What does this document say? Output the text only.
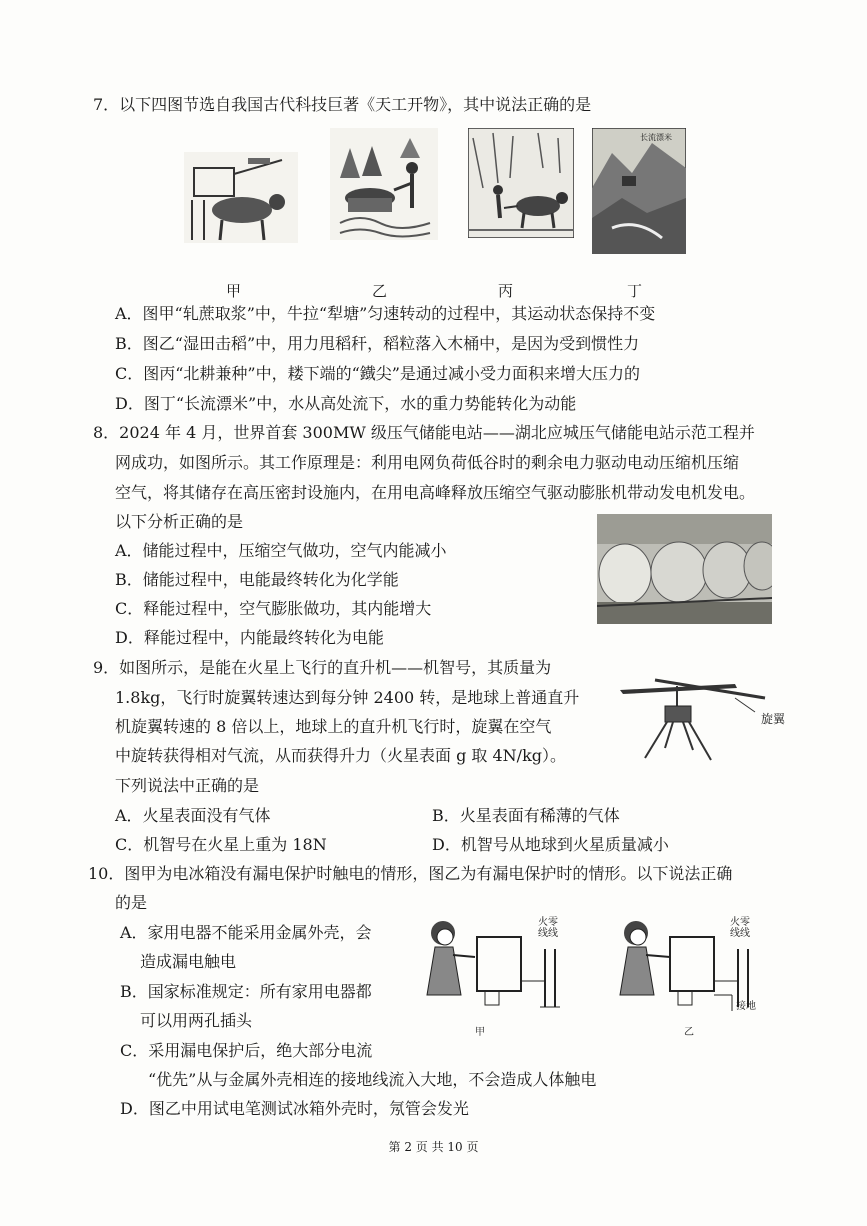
7．以下四图节选自我国古代科技巨著《天工开物》，其中说法正确的是
长流漂米
甲	乙	丙	丁
A．图甲“轧蔗取浆”中，牛拉“犁塘”匀速转动的过程中，其运动状态保持不变
B．图乙“湿田击稻”中，用力甩稻秆，稻粒落入木桶中，是因为受到惯性力
C．图丙“北耕兼种”中，耧下端的“鐡尖”是通过减小受力面积来增大压力的
D．图丁“长流漂米”中，水从高处流下，水的重力势能转化为动能
8．2024 年 4 月，世界首套 300MW 级压气储能电站——湖北应城压气储能电站示范工程并
网成功，如图所示。其工作原理是：利用电网负荷低谷时的剩余电力驱动电动压缩机压缩
空气，将其储存在高压密封设施内，在用电高峰释放压缩空气驱动膨胀机带动发电机发电。
以下分析正确的是
A．储能过程中，压缩空气做功，空气内能减小
B．储能过程中，电能最终转化为化学能
C．释能过程中，空气膨胀做功，其内能增大
D．释能过程中，内能最终转化为电能
9．如图所示，是能在火星上飞行的直升机——机智号，其质量为
1.8kg，飞行时旋翼转速达到每分钟 2400 转，是地球上普通直升
机旋翼转速的 8 倍以上，地球上的直升机飞行时，旋翼在空气
中旋转获得相对气流，从而获得升力（火星表面 g 取 4N/kg）。
下列说法中正确的是
旋翼
A．火星表面没有气体	B．火星表面有稀薄的气体
C．机智号在火星上重为 18N	D．机智号从地球到火星质量减小
10．图甲为电冰箱没有漏电保护时触电的情形，图乙为有漏电保护时的情形。以下说法正确
的是
A．家用电器不能采用金属外壳，会
造成漏电触电
B．国家标准规定：所有家用电器都
可以用两孔插头
C．采用漏电保护后，绝大部分电流
“优先”从与金属外壳相连的接地线流入大地，不会造成人体触电
D．图乙中用试电笔测试冰箱外壳时，氖管会发光
火零
线线
甲
火零
线线
接地
乙
第 2 页 共 10 页
